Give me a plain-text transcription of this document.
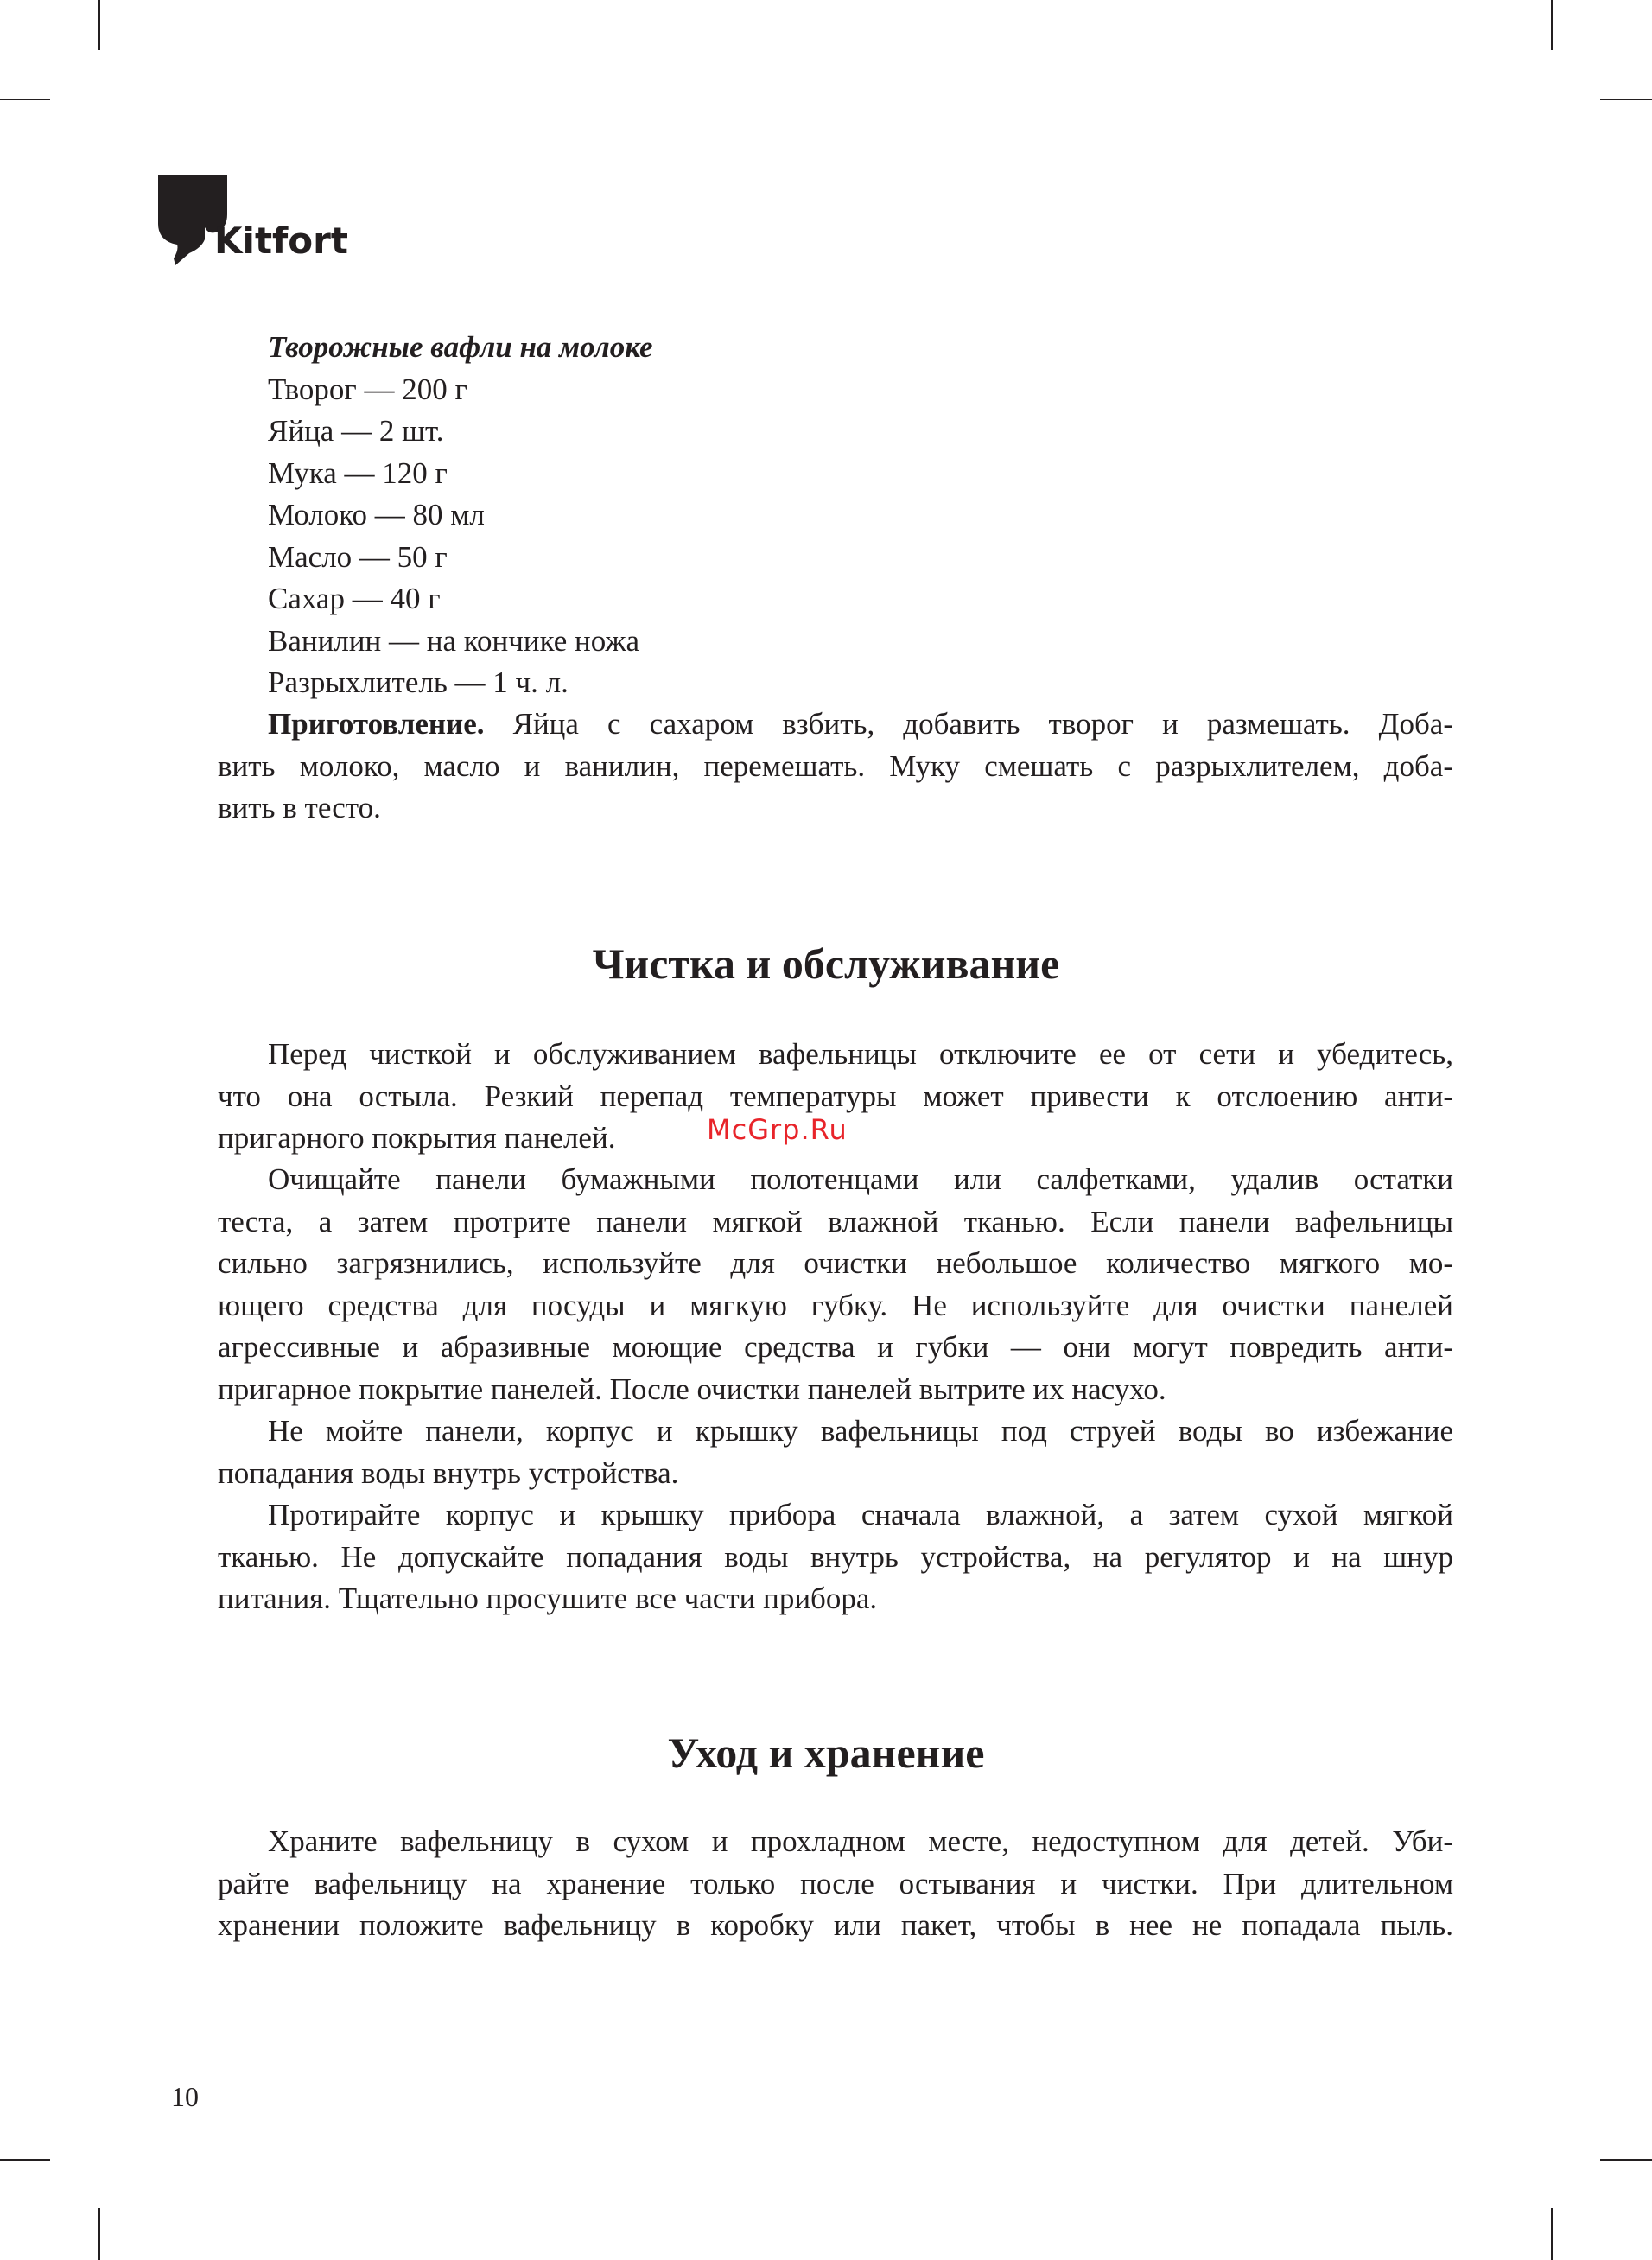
Kitfort
Творожные вафли на молоке
Творог — 200 г
Яйца — 2 шт.
Мука — 120 г
Молоко — 80 мл
Масло — 50 г
Сахар — 40 г
Ванилин — на кончике ножа
Разрыхлитель — 1 ч. л.
Приготовление. Яйца с сахаром взбить, добавить творог и размешать. Доба-
вить молоко, масло и ванилин, перемешать. Муку смешать с разрыхлителем, доба-
вить в тесто.
Чистка и обслуживание
Перед чисткой и обслуживанием вафельницы отключите ее от сети и убедитесь,
что она остыла. Резкий перепад температуры может привести к отслоению анти-
пригарного покрытия панелей.	McGrp.Ru
Очищайте панели бумажными полотенцами или салфетками, удалив остатки
теста, а затем протрите панели мягкой влажной тканью. Если панели вафельницы
сильно загрязнились, используйте для очистки небольшое количество мягкого мо-
ющего средства для посуды и мягкую губку. Не используйте для очистки панелей
агрессивные и абразивные моющие средства и губки — они могут повредить анти-
пригарное покрытие панелей. После очистки панелей вытрите их насухо.
Не мойте панели, корпус и крышку вафельницы под струей воды во избежание
попадания воды внутрь устройства.
Протирайте корпус и крышку прибора сначала влажной, а затем сухой мягкой
тканью. Не допускайте попадания воды внутрь устройства, на регулятор и на шнур
питания. Тщательно просушите все части прибора.
Уход и хранение
Храните вафельницу в сухом и прохладном месте, недоступном для детей. Уби-
райте вафельницу на хранение только после остывания и чистки. При длительном
хранении положите вафельницу в коробку или пакет, чтобы в нее не попадала пыль.
10
